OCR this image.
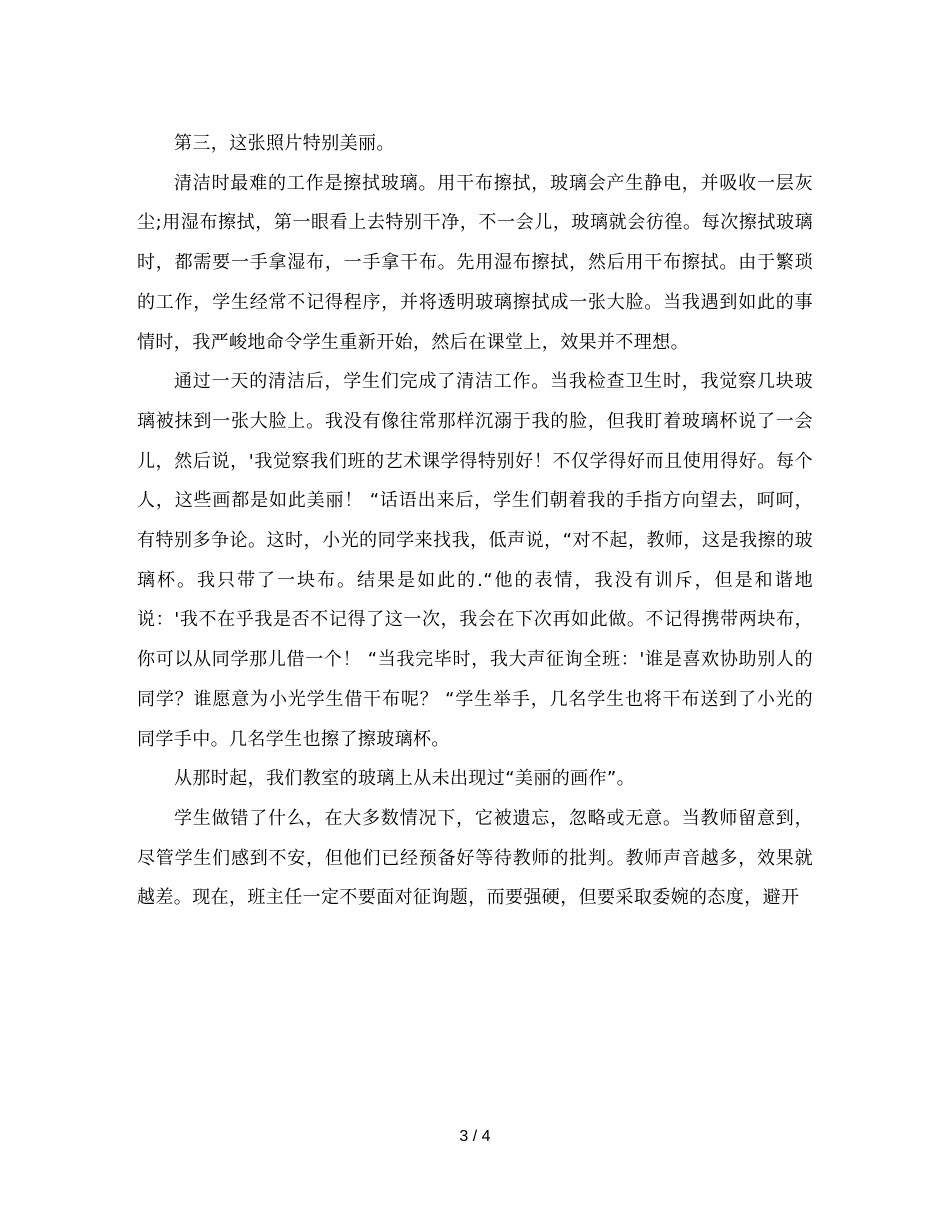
第三，这张照片特别美丽。

清洁时最难的工作是擦拭玻璃。用干布擦拭，玻璃会产生静电，并吸收一层灰尘;用湿布擦拭，第一眼看上去特别干净，不一会儿，玻璃就会彷徨。每次擦拭玻璃时，都需要一手拿湿布，一手拿干布。先用湿布擦拭，然后用干布擦拭。由于繁琐的工作，学生经常不记得程序，并将透明玻璃擦拭成一张大脸。当我遇到如此的事情时，我严峻地命令学生重新开始，然后在课堂上，效果并不理想。

通过一天的清洁后，学生们完成了清洁工作。当我检查卫生时，我觉察几块玻璃被抹到一张大脸上。我没有像往常那样沉溺于我的脸，但我盯着玻璃杯说了一会儿，然后说，'我觉察我们班的艺术课学得特别好！不仅学得好而且使用得好。每个人，这些画都是如此美丽！ “话语出来后，学生们朝着我的手指方向望去，呵呵，有特别多争论。这时，小光的同学来找我，低声说，“对不起，教师，这是我擦的玻璃杯。我只带了一块布。结果是如此的.“他的表情，我没有训斥，但是和谐地说：'我不在乎我是否不记得了这一次，我会在下次再如此做。不记得携带两块布，你可以从同学那儿借一个！ “当我完毕时，我大声征询全班：'谁是喜欢协助别人的同学？谁愿意为小光学生借干布呢？ “学生举手，几名学生也将干布送到了小光的同学手中。几名学生也擦了擦玻璃杯。

从那时起，我们教室的玻璃上从未出现过“美丽的画作”。

学生做错了什么，在大多数情况下，它被遗忘，忽略或无意。当教师留意到，尽管学生们感到不安，但他们已经预备好等待教师的批判。教师声音越多，效果就越差。现在，班主任一定不要面对征询题，而要强硬，但要采取委婉的态度，避开

3 / 4
